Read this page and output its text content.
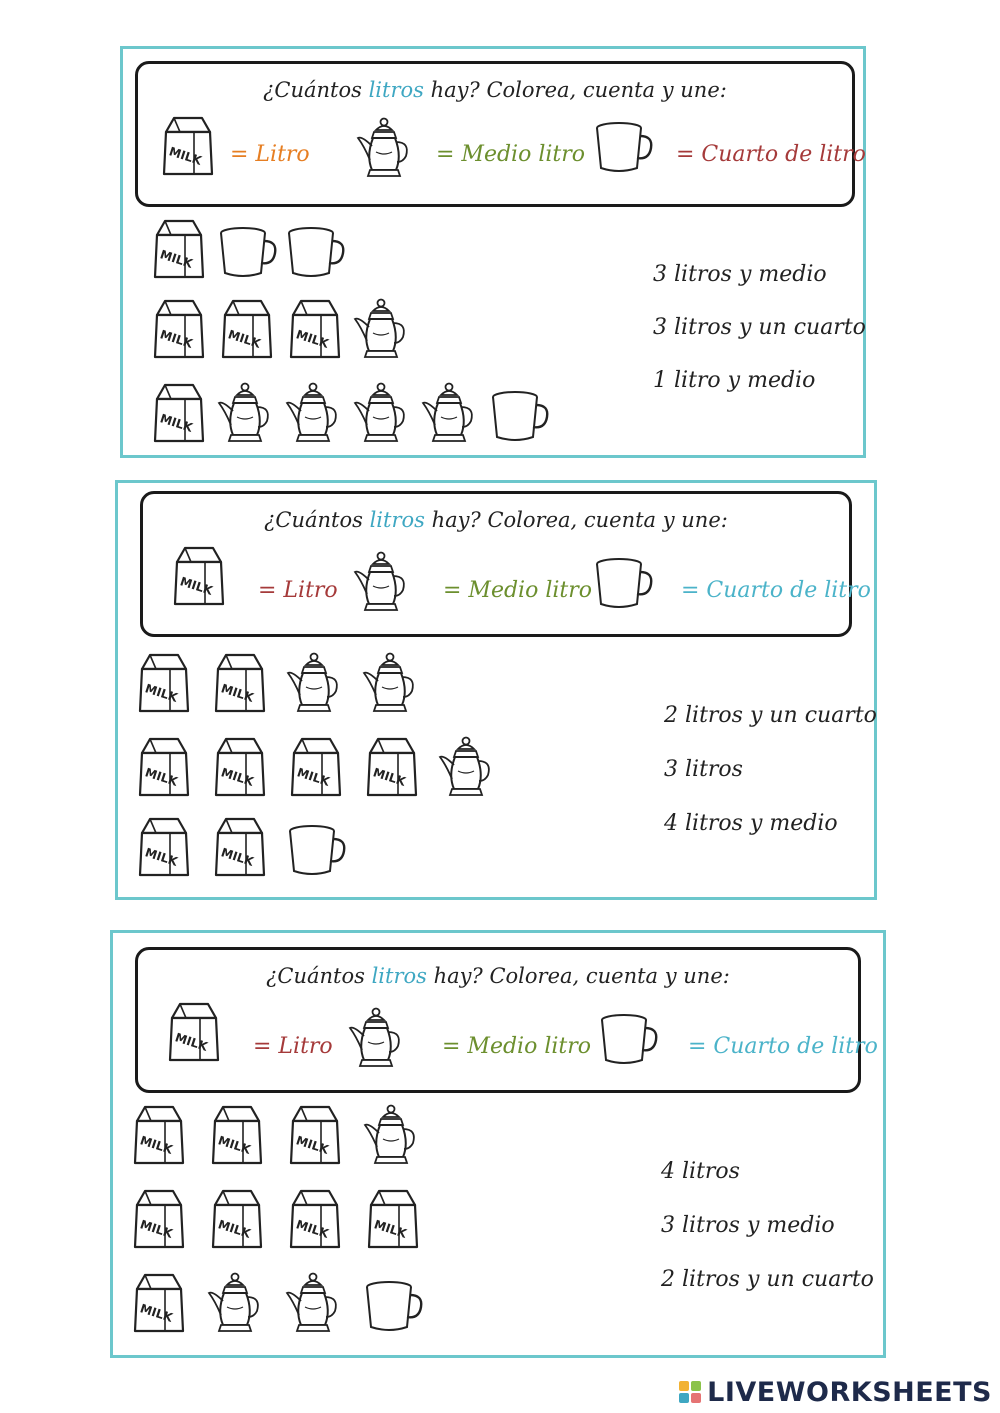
¿Cuántos litros hay? Colorea, cuenta y une:
MILK = Litro	= Medio litro	= Cuarto de litro
3 litros y medio
3 litros y un cuarto
1 litro y medio
MILK
MILK	MILK	MILK
MILK
¿Cuántos litros hay? Colorea, cuenta y une:
MILK = Litro	= Medio litro	= Cuarto de litro
2 litros y un cuarto
3 litros
4 litros y medio
MILK	MILK
MILK	MILK	MILK	MILK
MILK	MILK
¿Cuántos litros hay? Colorea, cuenta y une:
MILK = Litro	= Medio litro	= Cuarto de litro
4 litros
3 litros y medio
2 litros y un cuarto
MILK	MILK	MILK
MILK	MILK	MILK	MILK
MILK
LIVEWORKSHEETS
